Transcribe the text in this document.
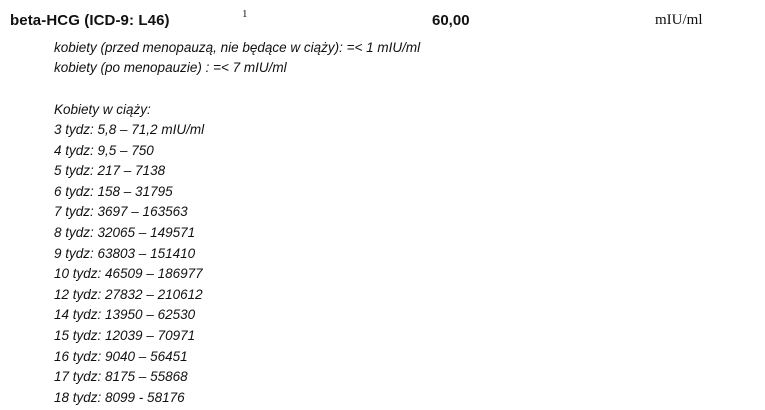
beta-HCG (ICD-9: L46)	1	60,00	mIU/ml
kobiety (przed menopauzą, nie będące w ciąży): =< 1 mIU/ml
kobiety (po menopauzie) : =< 7 mIU/ml
Kobiety w ciąży:
3 tydz: 5,8 – 71,2 mIU/ml
4 tydz: 9,5 – 750
5 tydz: 217 – 7138
6 tydz: 158 – 31795
7 tydz: 3697 – 163563
8 tydz: 32065 – 149571
9 tydz: 63803 – 151410
10 tydz: 46509 – 186977
12 tydz: 27832 – 210612
14 tydz: 13950 – 62530
15 tydz: 12039 – 70971
16 tydz: 9040 – 56451
17 tydz: 8175 – 55868
18 tydz: 8099 - 58176
